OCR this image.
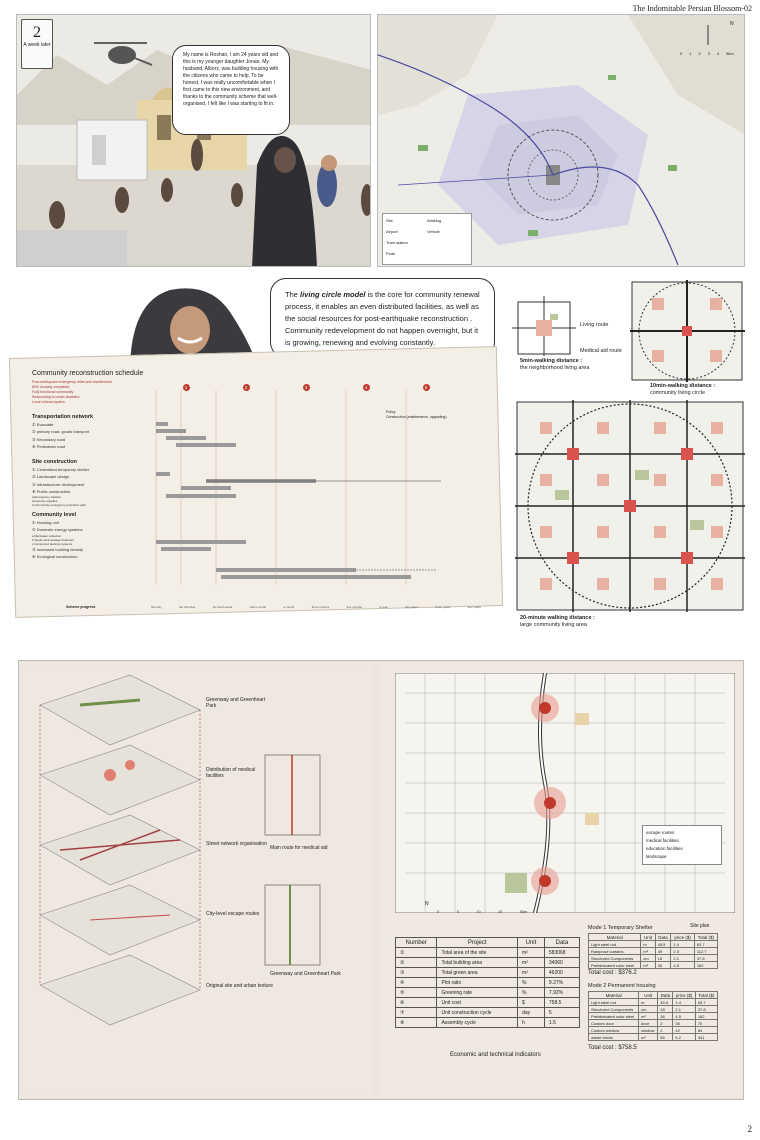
The Indomitable Persian Blossom-02
2
A week later
My name is Roshan, I am 24 years old and this is my younger daughter Jonan. My husband, Alborz, was building housing with the citizens who came to help. To be honest, I was really uncomfortable when I first came to this new environment, and thanks to the community scheme that well-organised, I felt like I was starting to fit in.
0 1 2 3 4 5km
N
Site	Walking
Airport	Vehicle
Train station
Peak
The living circle model is the core for community renewal process, it enables an even distributed facilities, as well as the social resources for post-earthquake reconstruction . Community redevelopment do not happen overnight, but it is growing, renewing and evolving constantly.
Community reconstruction schedule
Post-earthquake emergency relief and resettlement
80% housing completed
Fully functional community
Responding to urban disasters
Local cultural system
1	2	3	4	5
Policy
Construction (maintenance, upgrading)
Transportation network
① Evacuate
② primary road: goods transport
③ Secondary road
④ Pedestrian road
Site construction
① Centralised temporary shelter
② Landscape design
③ Infrastructure development
④ Public construction
a.Emergency shelters
temporary supplies
b.Community emergency protection plan
Community level
① Housing unit
② Domestic energy systems
a.Rainwater collection
b.Septic tank sewage treatment
c.Compound planting systems
③ Increased building density
④ Ecological construction
Scheme progress	first day	the third day	the tenth week	half a month	a month	three months	five months	a year	two years	three years	four years
Living route
Medical aid route
5min-walking distance :
the neighborhood living area
10min-walking distance :
community living circle
20-minute walking distance :
large community living area
Greenway and Greenheart Park
Distribution of medical facilities
Street network organisation
City-level escape routes
Original site and urban texture
Main route for medical aid
Greenway and Greenheart Park
escape routes
medical facilities
education facilities
landscape
0	5	10	20	50m
N
Site plan
Number	Project	Unit	Data
①	Total area of the site	m²	583068
②	Total building area	m²	34060
③	Total green area	m²	46200
④	Plot ratio	%	9.27%
⑤	Greening rate	%	7.92%
⑥	Unit cost	$	758.5
⑦	Unit construction cycle	day	5
⑧	Assembly cycle	h	1.5
Economic and technical indicators
Mode 1 Temporary Shelter
Material	Unit	Data	price ($)	Total ($)
Light steel rod	m	45.5	1.4	63.7
Rainproof curtains	m²	49	2.3	112.7
Structured Components	cm	18	2.1	37.8
Prefabricated color steel	m²	36	4.5	162
Total cost : $376.2
Mode 2 Permanent housing
Material	Unit	Data	price ($)	Total ($)
Light steel rod	m	45.5	1.4	63.7
Structured Components	cm	18	2.1	37.8
Prefabricated color steel	m²	36	4.5	162
Custom door	door	2	35	70
Custom window	window	2	42	84
waste bricks	m²	55	6.2	341
Total cost : $758.5
2
